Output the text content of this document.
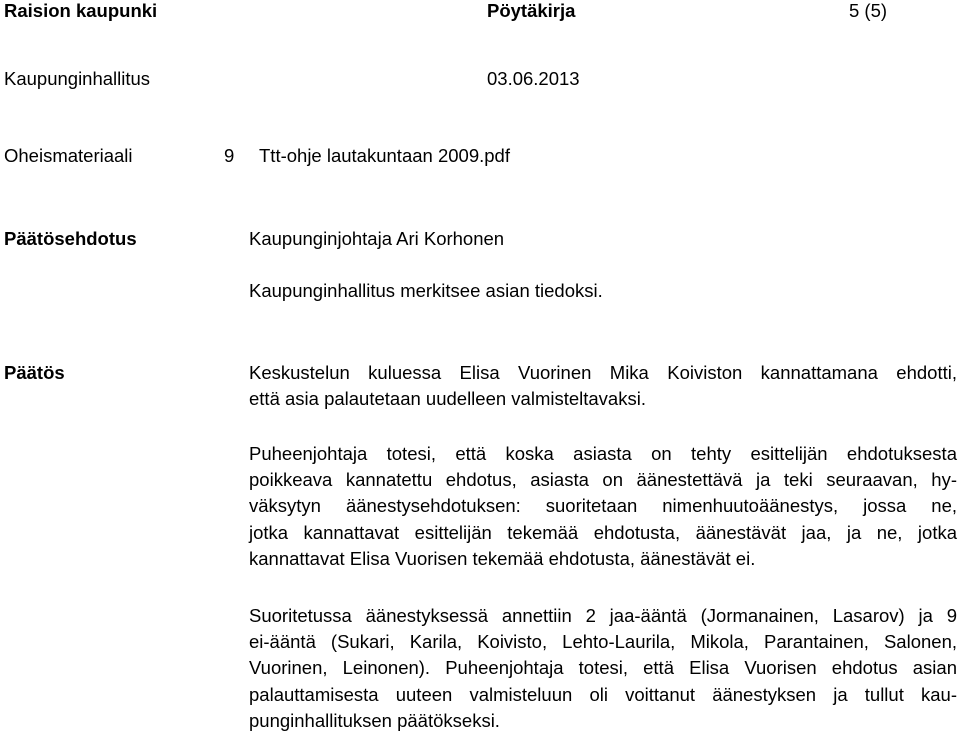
Raision kaupunki	Pöytäkirja	5 (5)
Kaupunginhallitus	03.06.2013
Oheismateriaali	9 Ttt-ohje lautakuntaan 2009.pdf
Päätösehdotus	Kaupunginjohtaja Ari Korhonen
Kaupunginhallitus merkitsee asian tiedoksi.
Päätös	Keskustelun kuluessa Elisa Vuorinen Mika Koiviston kannattamana ehdotti,
että asia palautetaan uudelleen valmisteltavaksi.
Puheenjohtaja totesi, että koska asiasta on tehty esittelijän ehdotuksesta
poikkeava kannatettu ehdotus, asiasta on äänestettävä ja teki seuraavan, hy-
väksytyn äänestysehdotuksen: suoritetaan nimenhuutoäänestys, jossa ne,
jotka kannattavat esittelijän tekemää ehdotusta, äänestävät jaa, ja ne, jotka
kannattavat Elisa Vuorisen tekemää ehdotusta, äänestävät ei.
Suoritetussa äänestyksessä annettiin 2 jaa-ääntä (Jormanainen, Lasarov) ja 9
ei-ääntä (Sukari, Karila, Koivisto, Lehto-Laurila, Mikola, Parantainen, Salonen,
Vuorinen, Leinonen). Puheenjohtaja totesi, että Elisa Vuorisen ehdotus asian
palauttamisesta uuteen valmisteluun oli voittanut äänestyksen ja tullut kau-
punginhallituksen päätökseksi.
